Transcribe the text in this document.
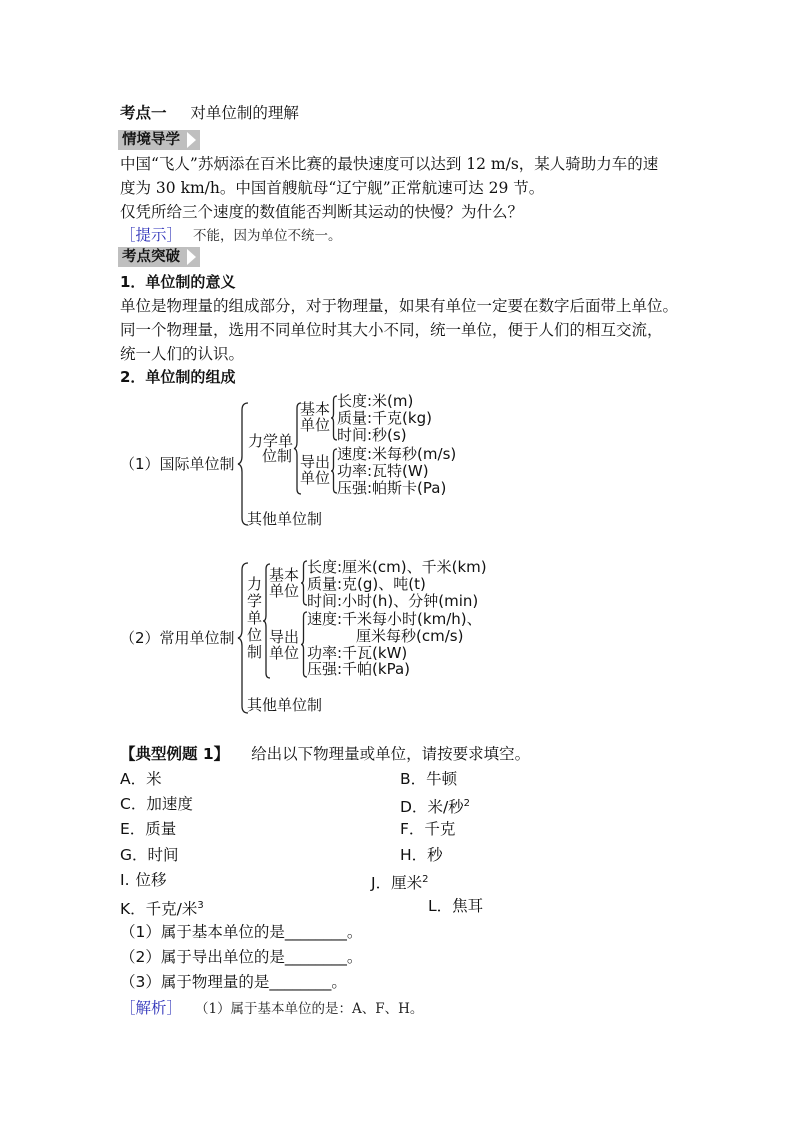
考点一 对单位制的理解
情境导学
中国“飞人”苏炳添在百米比赛的最快速度可以达到 12 m/s，某人骑助力车的速
度为 30 km/h。中国首艘航母“辽宁舰”正常航速可达 29 节。
仅凭所给三个速度的数值能否判断其运动的快慢？为什么？
［提示］ 不能，因为单位不统一。
考点突破
1．单位制的意义
单位是物理量的组成部分，对于物理量，如果有单位一定要在数字后面带上单位。
同一个物理量，选用不同单位时其大小不同，统一单位，便于人们的相互交流，
统一人们的认识。
2．单位制的组成
（1）国际单位制
力学单
位制
基本
单位
长度:米(m)
质量:千克(kg)
时间:秒(s)
导出
单位
速度:米每秒(m/s)
功率:瓦特(W)
压强:帕斯卡(Pa)
其他单位制
（2）常用单位制
力
学
单
位
制
基本
单位
长度:厘米(cm)、千米(km)
质量:克(g)、吨(t)
时间:小时(h)、分钟(min)
导出
单位
速度:千米每小时(km/h)、
厘米每秒(cm/s)
功率:千瓦(kW)
压强:千帕(kPa)
其他单位制
【典型例题 1】 给出以下物理量或单位，请按要求填空。
A．米	B．牛顿
C．加速度	D．米/秒$^2$
E．质量	F．千克
G．时间	H．秒
I. 位移	J．厘米$^2$
K．千克/米$^3$	L．焦耳
（1）属于基本单位的是________。
（2）属于导出单位的是________。
（3）属于物理量的是________。
［解析］ （1）属于基本单位的是：A、F、H。
